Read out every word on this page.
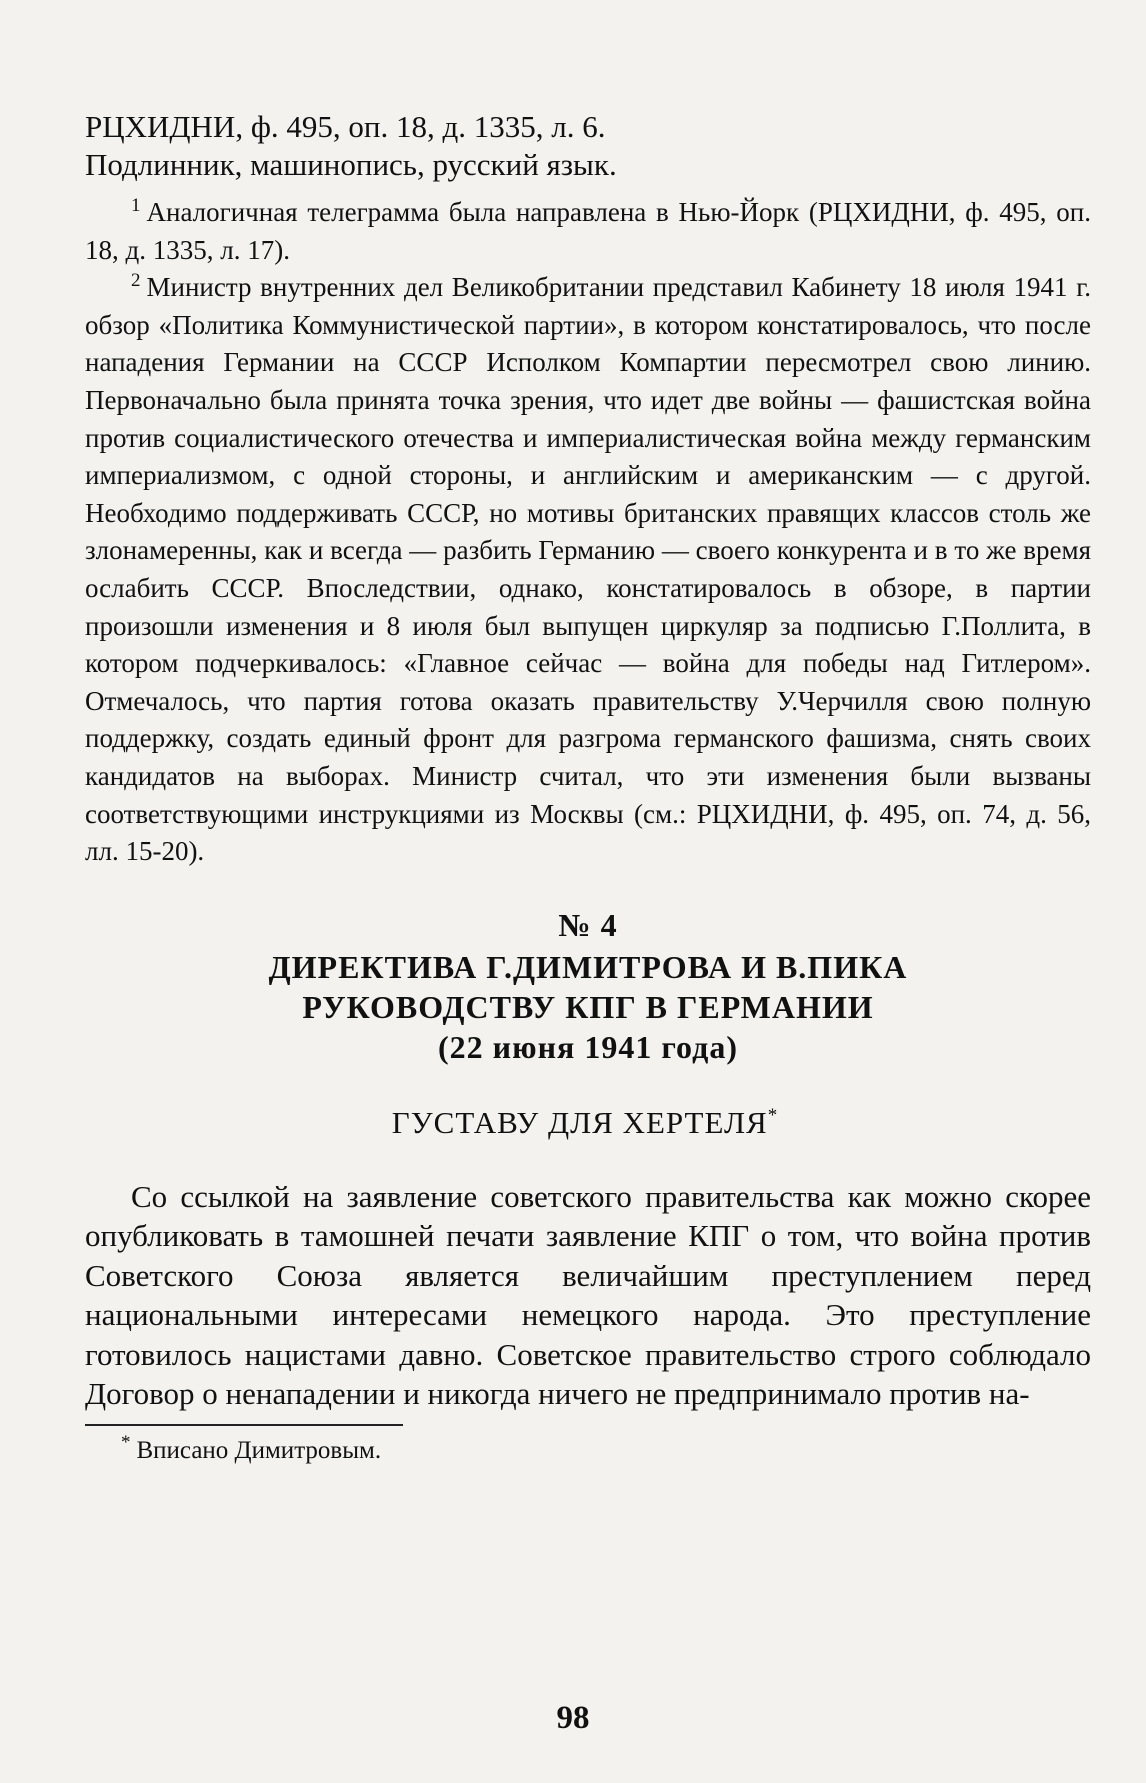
РЦХИДНИ, ф. 495, оп. 18, д. 1335, л. 6.
Подлинник, машинопись, русский язык.

$^1$ Аналогичная телеграмма была направлена в Нью-Йорк (РЦХИДНИ, ф. 495, оп. 18, д. 1335, л. 17).

$^2$ Министр внутренних дел Великобритании представил Кабинету 18 июля 1941 г. обзор «Политика Коммунистической партии», в котором констатировалось, что после нападения Германии на СССР Исполком Компартии пересмотрел свою линию. Первоначально была принята точка зрения, что идет две войны — фашистская война против социалистического отечества и империалистическая война между германским империализмом, с одной стороны, и английским и американским — с другой. Необходимо поддерживать СССР, но мотивы британских правящих классов столь же злонамеренны, как и всегда — разбить Германию — своего конкурента и в то же время ослабить СССР. Впоследствии, однако, констатировалось в обзоре, в партии произошли изменения и 8 июля был выпущен циркуляр за подписью Г.Поллита, в котором подчеркивалось: «Главное сейчас — война для победы над Гитлером». Отмечалось, что партия готова оказать правительству У.Черчилля свою полную поддержку, создать единый фронт для разгрома германского фашизма, снять своих кандидатов на выборах. Министр считал, что эти изменения были вызваны соответствующими инструкциями из Москвы (см.: РЦХИДНИ, ф. 495, оп. 74, д. 56, лл. 15-20).

№ 4
ДИРЕКТИВА Г.ДИМИТРОВА И В.ПИКА
РУКОВОДСТВУ КПГ В ГЕРМАНИИ
(22 июня 1941 года)
ГУСТАВУ ДЛЯ ХЕРТЕЛЯ*
Со ссылкой на заявление советского правительства как можно скорее опубликовать в тамошней печати заявление КПГ о том, что война против Советского Союза является величайшим преступлением перед национальными интересами немецкого народа. Это преступление готовилось нацистами давно. Советское правительство строго соблюдало Договор о ненападении и никогда ничего не предпринимало против на-
* Вписано Димитровым.
98
